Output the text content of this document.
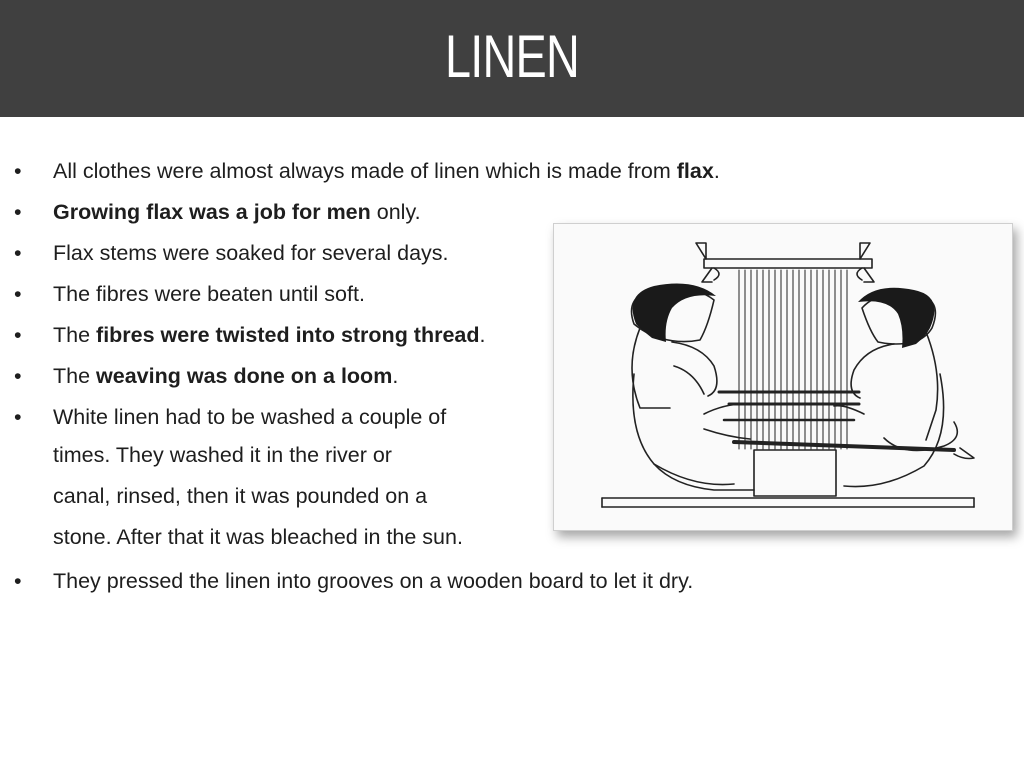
LINEN
•	All clothes were almost always made of linen which is made from flax.
•	Growing flax was a job for men only.
•	Flax stems were soaked for several days.
•	The fibres were beaten until soft.
•	The fibres were twisted into strong thread.
•	The weaving was done on a loom.
•	White linen had to be washed a couple of
times. They washed it in the river or
canal, rinsed, then it was pounded on a
stone. After that it was bleached in the sun.
•	They pressed the linen into grooves on a wooden board to let it dry.
